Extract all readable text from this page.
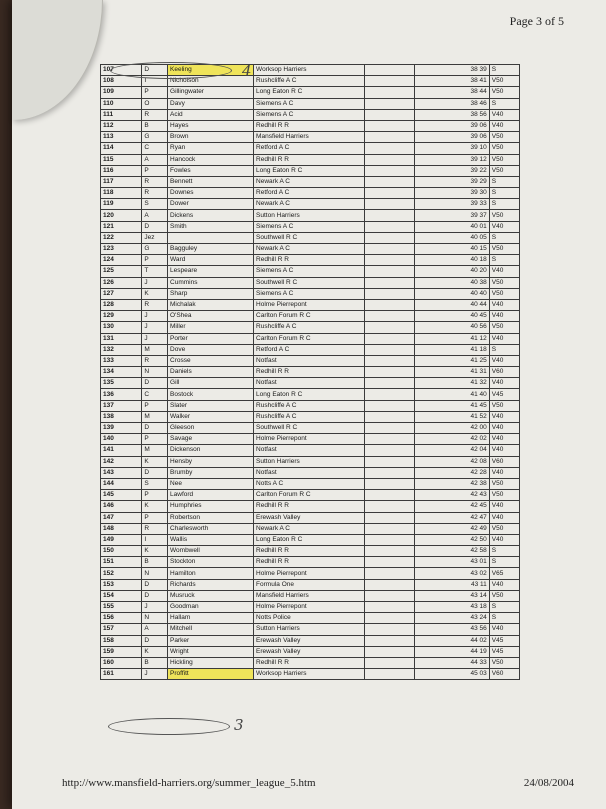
Page 3 of 5
107	D	Keeling	Worksop Harriers		38 39	S
108	I	Nicholson	Rushcliffe A C		38 41	V50
109	P	Gillingwater	Long Eaton R C		38 44	V50
110	O	Davy	Siemens A C		38 46	S
111	R	Acid	Siemens A C		38 56	V40
112	B	Hayes	Redhill R R		39 06	V40
113	G	Brown	Mansfield Harriers		39 06	V50
114	C	Ryan	Retford A C		39 10	V50
115	A	Hancock	Redhill R R		39 12	V50
116	P	Fowles	Long Eaton R C		39 22	V50
117	R	Bennett	Newark A C		39 29	S
118	R	Downes	Retford A C		39 30	S
119	S	Dower	Newark A C		39 33	S
120	A	Dickens	Sutton Harriers		39 37	V50
121	D	Smith	Siemens A C		40 01	V40
122	Jez		Southwell R C		40 05	S
123	G	Bagguley	Newark A C		40 15	V50
124	P	Ward	Redhill R R		40 18	S
125	T	Lespeare	Siemens A C		40 20	V40
126	J	Cummins	Southwell R C		40 38	V50
127	K	Sharp	Siemens A C		40 40	V50
128	R	Michalak	Holme Pierrepont		40 44	V40
129	J	O'Shea	Carlton Forum R C		40 45	V40
130	J	Miller	Rushcliffe A C		40 56	V50
131	J	Porter	Carlton Forum R C		41 12	V40
132	M	Dove	Retford A C		41 18	S
133	R	Crosse	Notfast		41 25	V40
134	N	Daniels	Redhill R R		41 31	V60
135	D	Gill	Notfast		41 32	V40
136	C	Bostock	Long Eaton R C		41 40	V45
137	P	Slater	Rushcliffe A C		41 45	V50
138	M	Walker	Rushcliffe A C		41 52	V40
139	D	Gleeson	Southwell R C		42 00	V40
140	P	Savage	Holme Pierrepont		42 02	V40
141	M	Dickenson	Notfast		42 04	V40
142	K	Hensby	Sutton Harriers		42 08	V60
143	D	Brumby	Notfast		42 28	V40
144	S	Nee	Notts A C		42 38	V50
145	P	Lawford	Carlton Forum R C		42 43	V50
146	K	Humphries	Redhill R R		42 45	V40
147	P	Robertson	Erewash Valley		42 47	V40
148	R	Charlesworth	Newark A C		42 49	V50
149	I	Wallis	Long Eaton R C		42 50	V40
150	K	Wombwell	Redhill R R		42 58	S
151	B	Stockton	Redhill R R		43 01	S
152	N	Hamilton	Holme Pierrepont		43 02	V65
153	D	Richards	Formula One		43 11	V40
154	D	Musruck	Mansfield Harriers		43 14	V50
155	J	Goodman	Holme Pierrepont		43 18	S
156	N	Hallam	Notts Police		43 24	S
157	A	Mitchell	Sutton Harriers		43 56	V40
158	D	Parker	Erewash Valley		44 02	V45
159	K	Wright	Erewash Valley		44 19	V45
160	B	Hickling	Redhill R R		44 33	V50
161	J	Proffitt	Worksop Harriers		45 03	V60
4
3
http://www.mansfield-harriers.org/summer_league_5.htm	24/08/2004
